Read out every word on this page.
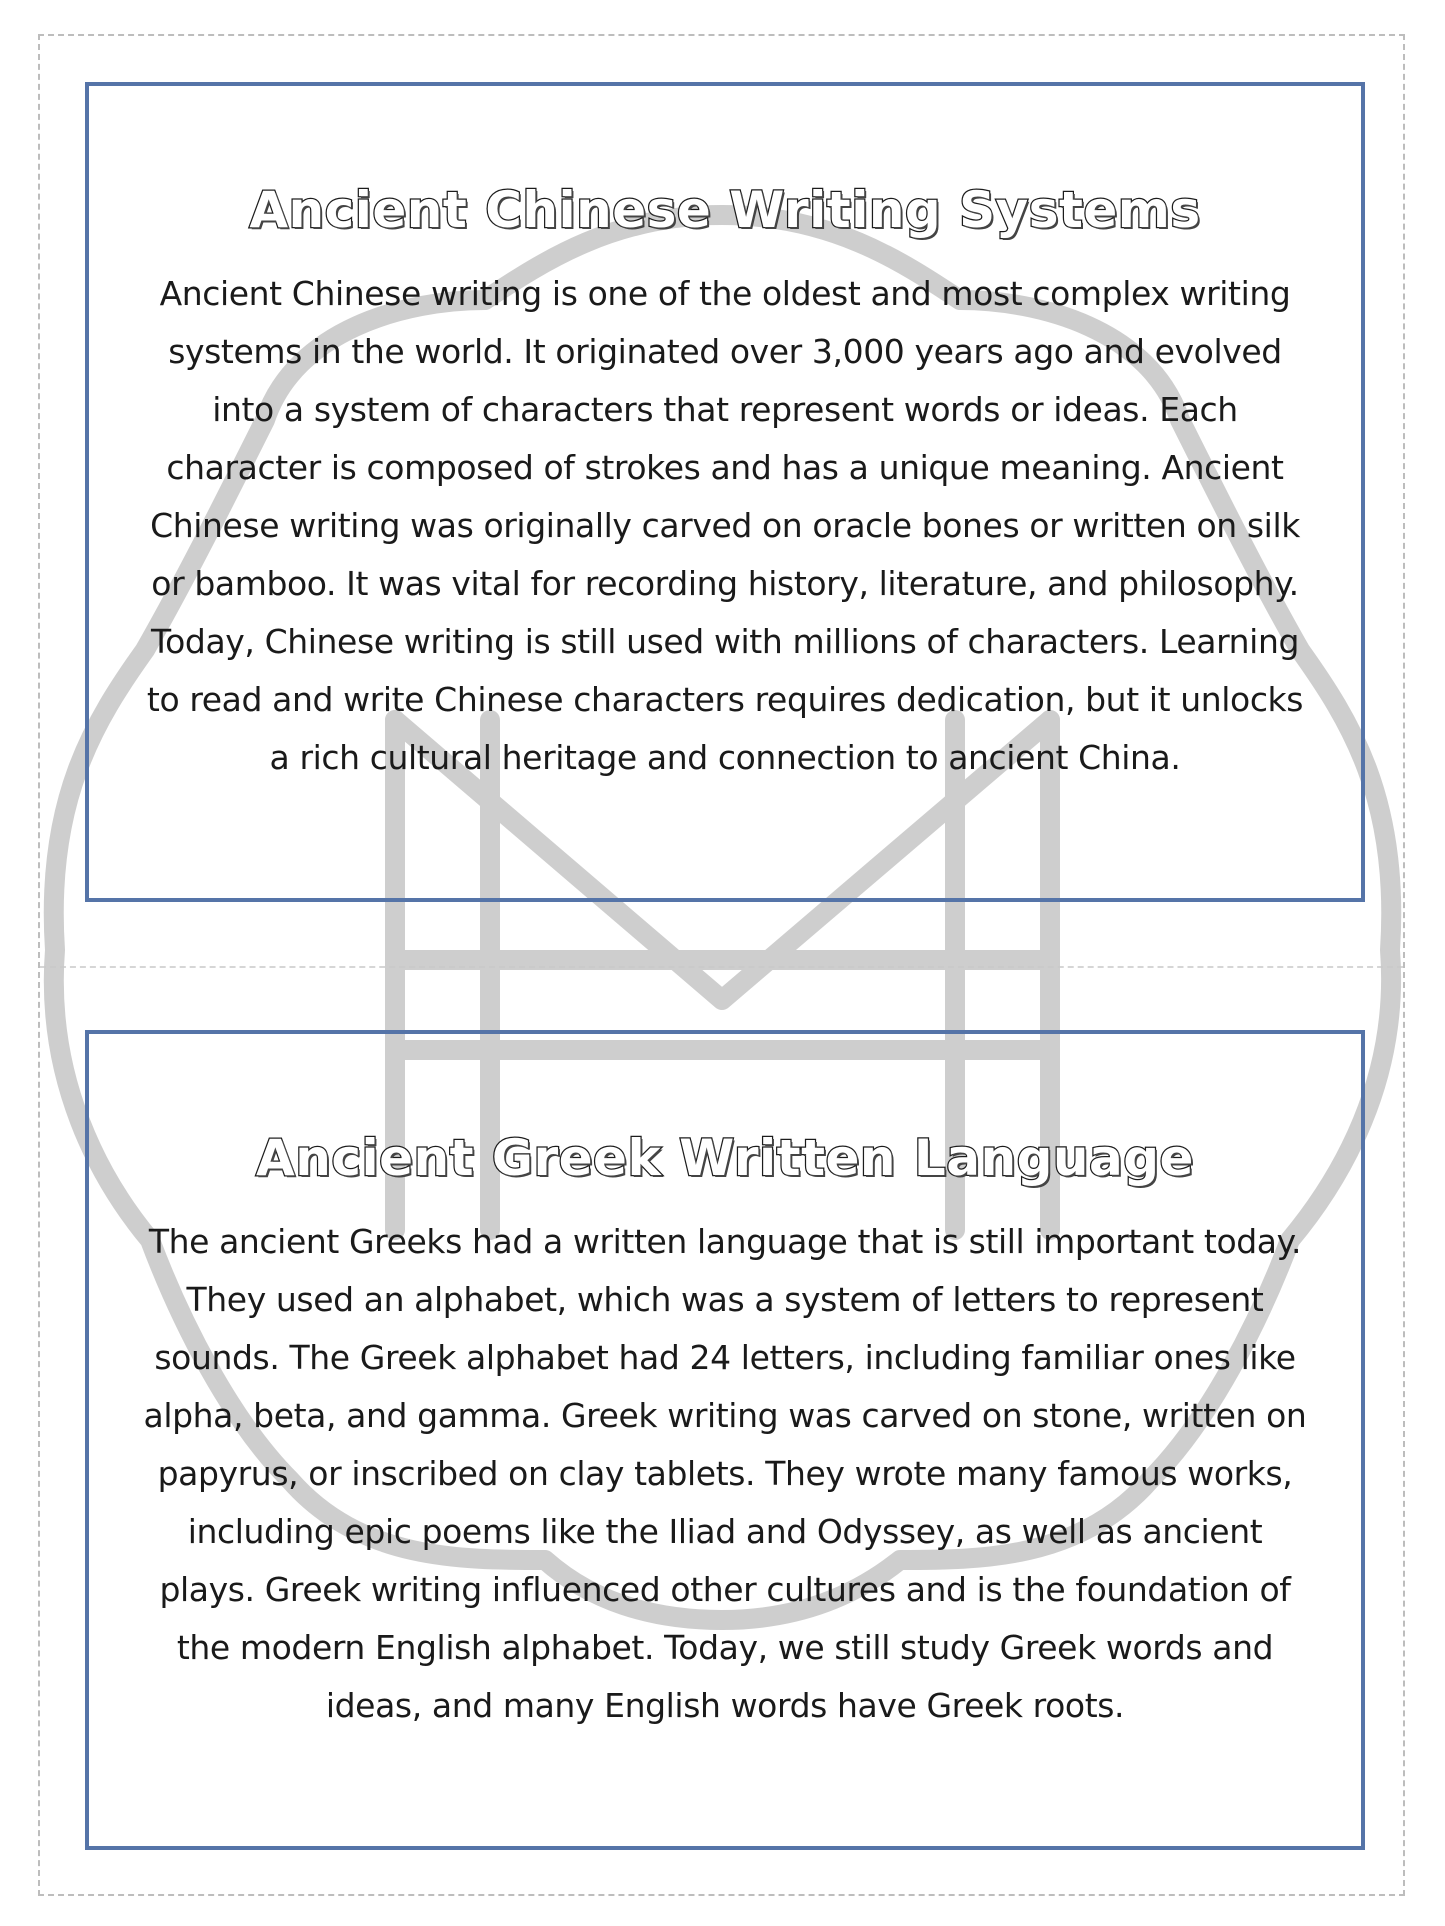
Ancient Chinese Writing Systems

Ancient Chinese writing is one of the oldest and most complex writing systems in the world. It originated over 3,000 years ago and evolved into a system of characters that represent words or ideas. Each character is composed of strokes and has a unique meaning. Ancient Chinese writing was originally carved on oracle bones or written on silk or bamboo. It was vital for recording history, literature, and philosophy. Today, Chinese writing is still used with millions of characters. Learning to read and write Chinese characters requires dedication, but it unlocks a rich cultural heritage and connection to ancient China.

Ancient Greek Written Language

The ancient Greeks had a written language that is still important today. They used an alphabet, which was a system of letters to represent sounds. The Greek alphabet had 24 letters, including familiar ones like alpha, beta, and gamma. Greek writing was carved on stone, written on papyrus, or inscribed on clay tablets. They wrote many famous works, including epic poems like the Iliad and Odyssey, as well as ancient plays. Greek writing influenced other cultures and is the foundation of the modern English alphabet. Today, we still study Greek words and ideas, and many English words have Greek roots.
